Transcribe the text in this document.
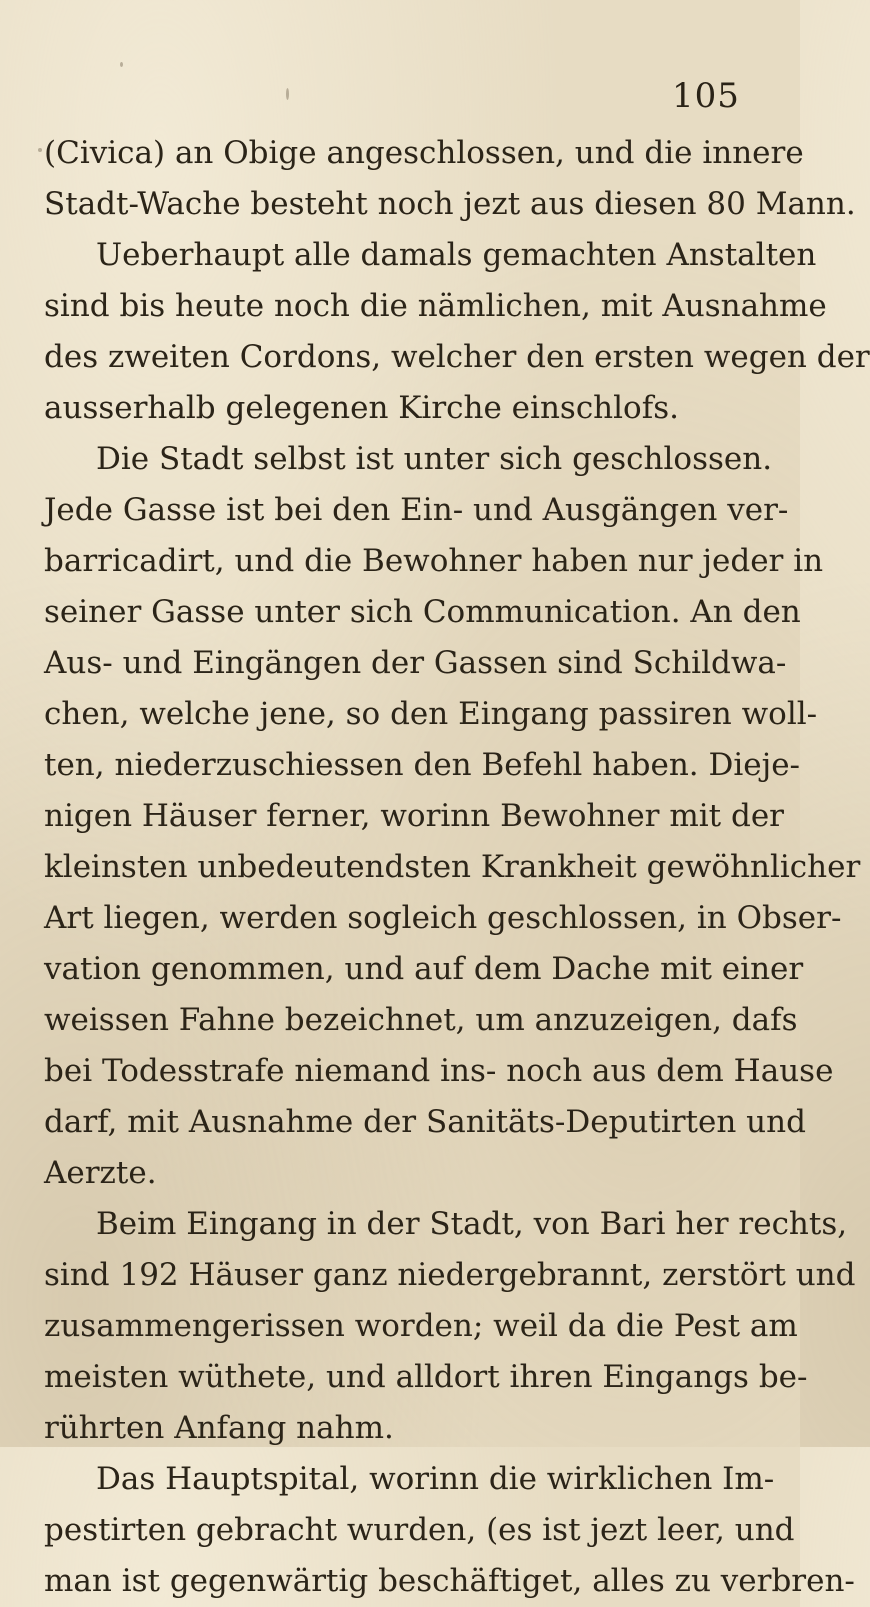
105
(Civica) an Obige angeschlossen, und die innere
Stadt-Wache besteht noch jezt aus diesen 80 Mann.
Ueberhaupt alle damals gemachten Anstalten
sind bis heute noch die nämlichen, mit Ausnahme
des zweiten Cordons, welcher den ersten wegen der
ausserhalb gelegenen Kirche einschlofs.
Die Stadt selbst ist unter sich geschlossen.
Jede Gasse ist bei den Ein- und Ausgängen ver-
barricadirt, und die Bewohner haben nur jeder in
seiner Gasse unter sich Communication. An den
Aus- und Eingängen der Gassen sind Schildwa-
chen, welche jene, so den Eingang passiren woll-
ten, niederzuschiessen den Befehl haben. Dieje-
nigen Häuser ferner, worinn Bewohner mit der
kleinsten unbedeutendsten Krankheit gewöhnlicher
Art liegen, werden sogleich geschlossen, in Obser-
vation genommen, und auf dem Dache mit einer
weissen Fahne bezeichnet, um anzuzeigen, dafs
bei Todesstrafe niemand ins- noch aus dem Hause
darf, mit Ausnahme der Sanitäts-Deputirten und
Aerzte.
Beim Eingang in der Stadt, von Bari her rechts,
sind 192 Häuser ganz niedergebrannt, zerstört und
zusammengerissen worden; weil da die Pest am
meisten wüthete, und alldort ihren Eingangs be-
rührten Anfang nahm.
Das Hauptspital, worinn die wirklichen Im-
pestirten gebracht wurden, (es ist jezt leer, und
man ist gegenwärtig beschäftiget, alles zu verbren-
